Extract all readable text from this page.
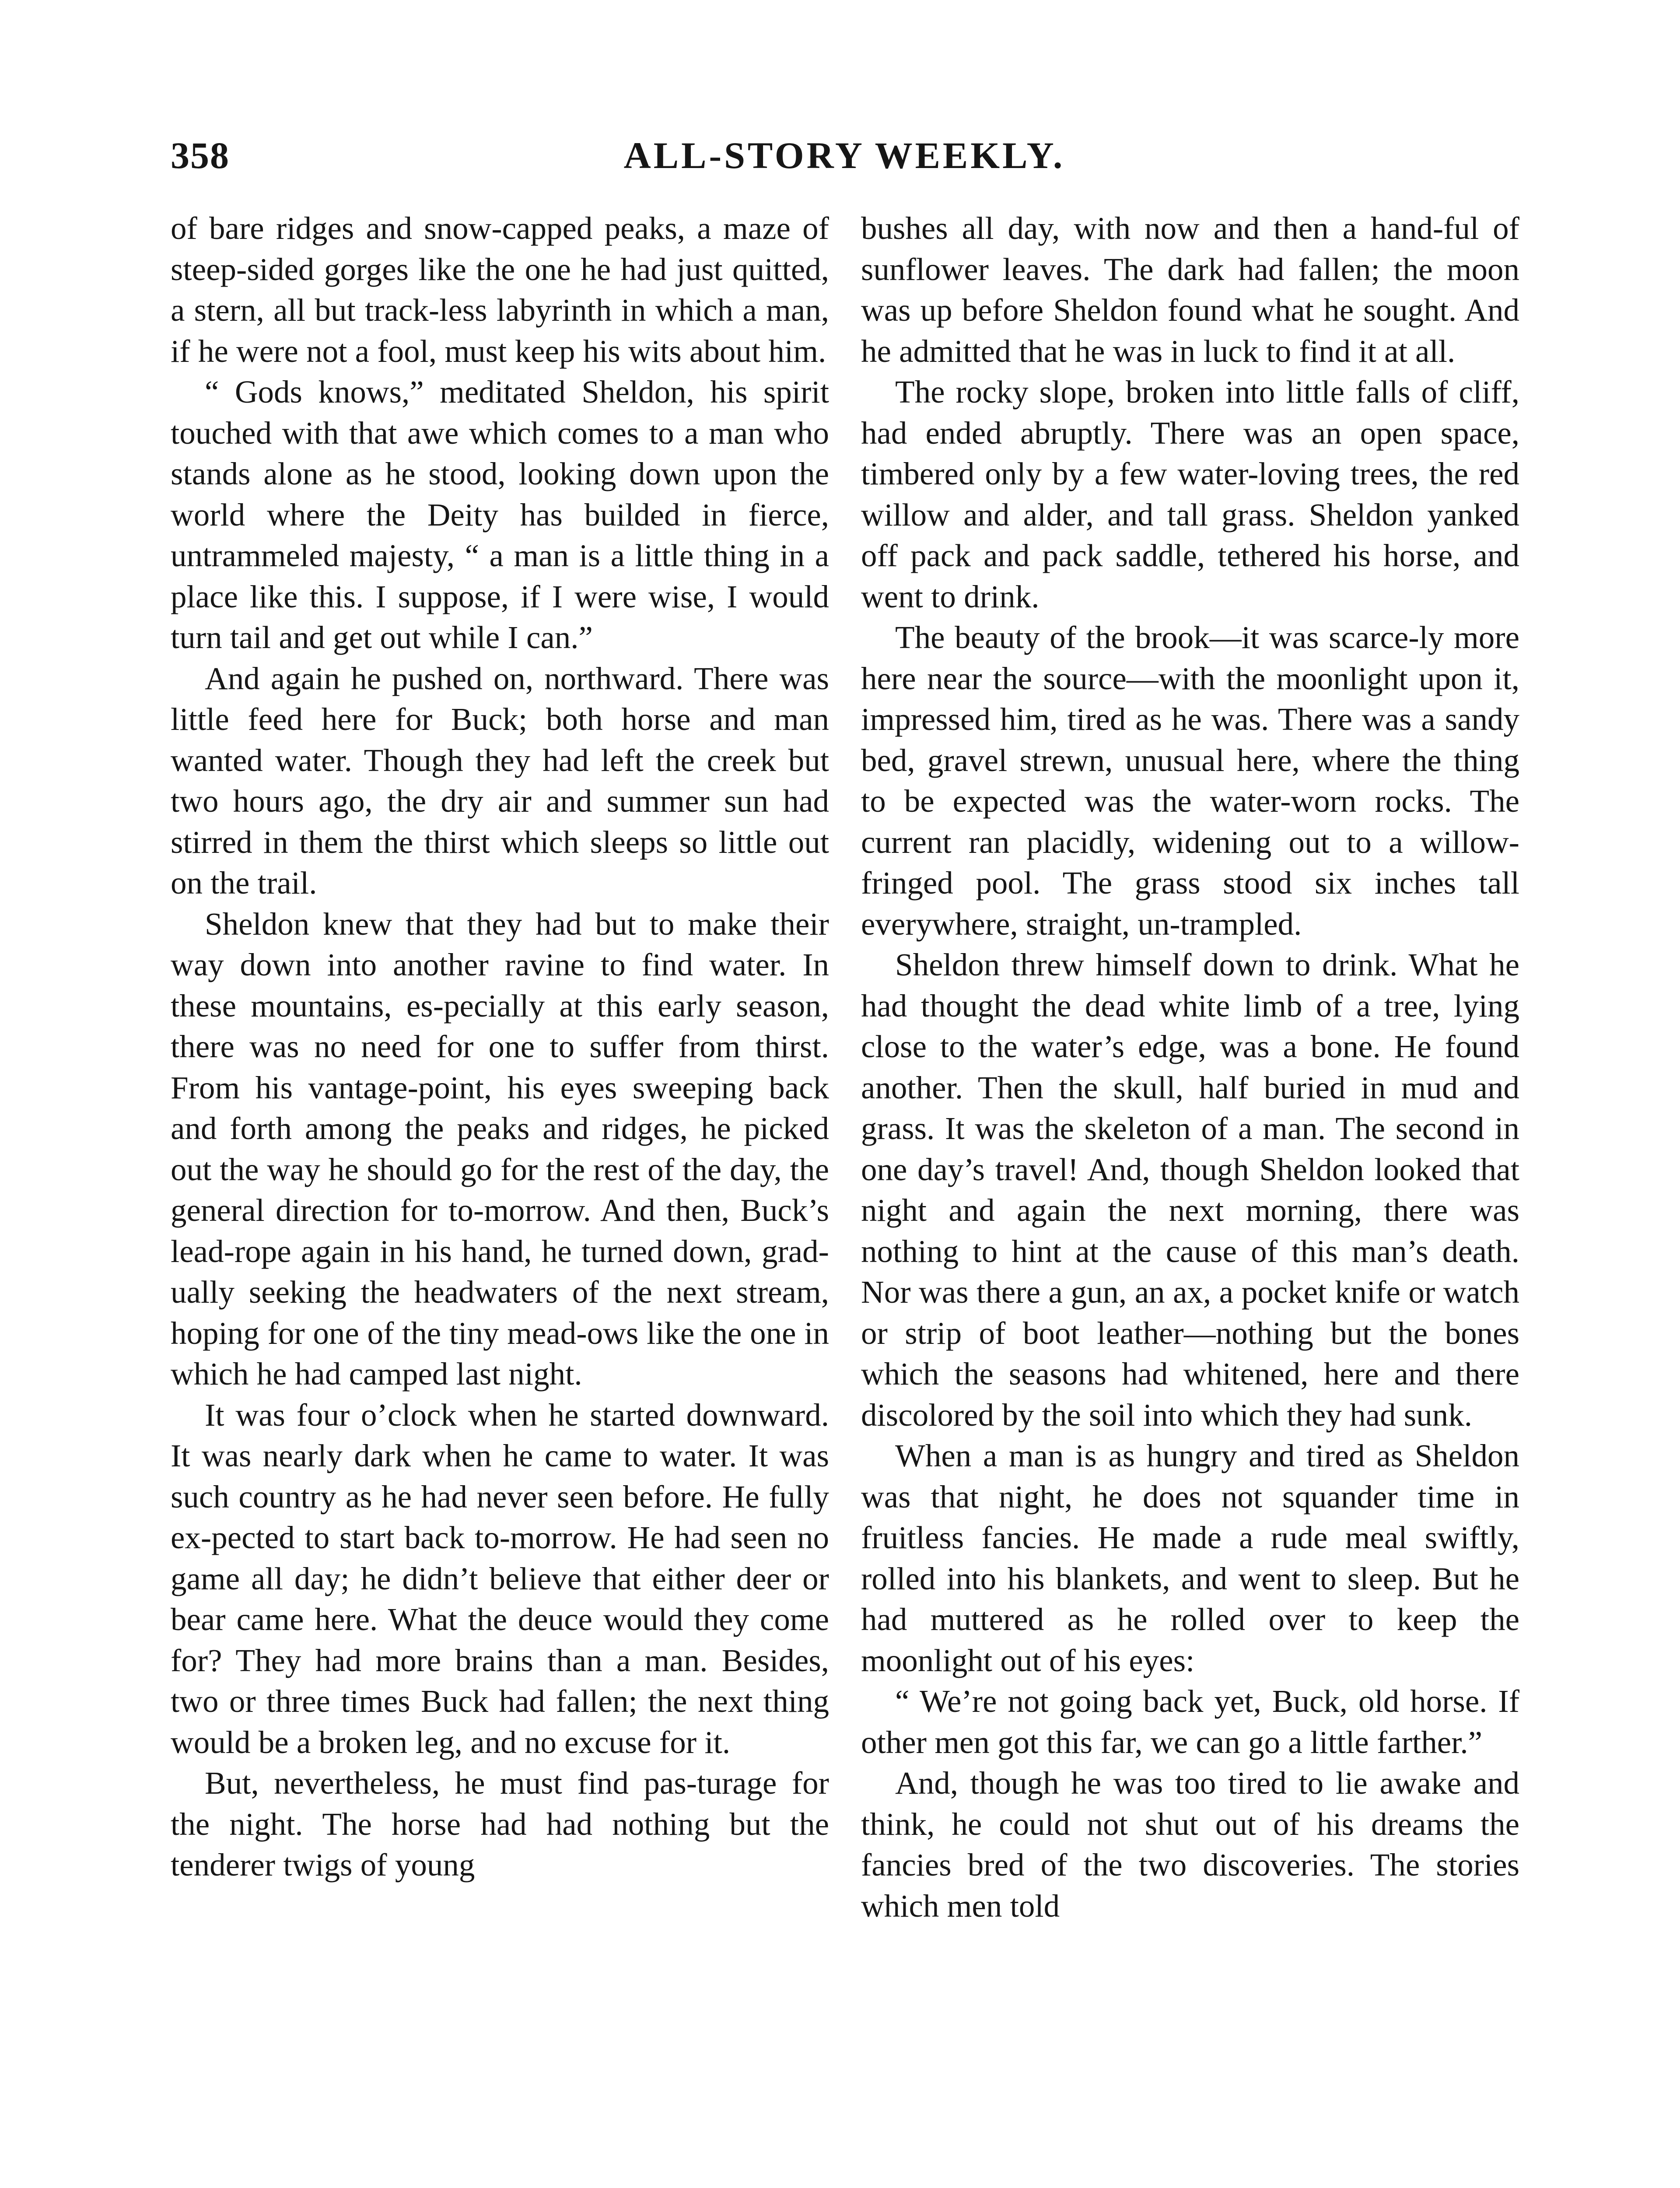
358	ALL-STORY WEEKLY.

of bare ridges and snow-capped peaks, a maze of steep-sided gorges like the one he had just quitted, a stern, all but track-less labyrinth in which a man, if he were not a fool, must keep his wits about him.

“ Gods knows,” meditated Sheldon, his spirit touched with that awe which comes to a man who stands alone as he stood, looking down upon the world where the Deity has builded in fierce, untrammeled majesty, “ a man is a little thing in a place like this. I suppose, if I were wise, I would turn tail and get out while I can.”

And again he pushed on, northward. There was little feed here for Buck; both horse and man wanted water. Though they had left the creek but two hours ago, the dry air and summer sun had stirred in them the thirst which sleeps so little out on the trail.

Sheldon knew that they had but to make their way down into another ravine to find water. In these mountains, es-pecially at this early season, there was no need for one to suffer from thirst. From his vantage-point, his eyes sweeping back and forth among the peaks and ridges, he picked out the way he should go for the rest of the day, the general direction for to-morrow. And then, Buck’s lead-rope again in his hand, he turned down, grad-ually seeking the headwaters of the next stream, hoping for one of the tiny mead-ows like the one in which he had camped last night.

It was four o’clock when he started downward. It was nearly dark when he came to water. It was such country as he had never seen before. He fully ex-pected to start back to-morrow. He had seen no game all day; he didn’t believe that either deer or bear came here. What the deuce would they come for? They had more brains than a man. Besides, two or three times Buck had fallen; the next thing would be a broken leg, and no excuse for it.

But, nevertheless, he must find pas-turage for the night. The horse had had nothing but the tenderer twigs of young

bushes all day, with now and then a hand-ful of sunflower leaves. The dark had fallen; the moon was up before Sheldon found what he sought. And he admitted that he was in luck to find it at all.

The rocky slope, broken into little falls of cliff, had ended abruptly. There was an open space, timbered only by a few water-loving trees, the red willow and alder, and tall grass. Sheldon yanked off pack and pack saddle, tethered his horse, and went to drink.

The beauty of the brook—it was scarce-ly more here near the source—with the moonlight upon it, impressed him, tired as he was. There was a sandy bed, gravel strewn, unusual here, where the thing to be expected was the water-worn rocks. The current ran placidly, widening out to a willow-fringed pool. The grass stood six inches tall everywhere, straight, un-trampled.

Sheldon threw himself down to drink. What he had thought the dead white limb of a tree, lying close to the water’s edge, was a bone. He found another. Then the skull, half buried in mud and grass. It was the skeleton of a man. The second in one day’s travel! And, though Sheldon looked that night and again the next morning, there was nothing to hint at the cause of this man’s death. Nor was there a gun, an ax, a pocket knife or watch or strip of boot leather—nothing but the bones which the seasons had whitened, here and there discolored by the soil into which they had sunk.

When a man is as hungry and tired as Sheldon was that night, he does not squander time in fruitless fancies. He made a rude meal swiftly, rolled into his blankets, and went to sleep. But he had muttered as he rolled over to keep the moonlight out of his eyes:

“ We’re not going back yet, Buck, old horse. If other men got this far, we can go a little farther.”

And, though he was too tired to lie awake and think, he could not shut out of his dreams the fancies bred of the two discoveries. The stories which men told
